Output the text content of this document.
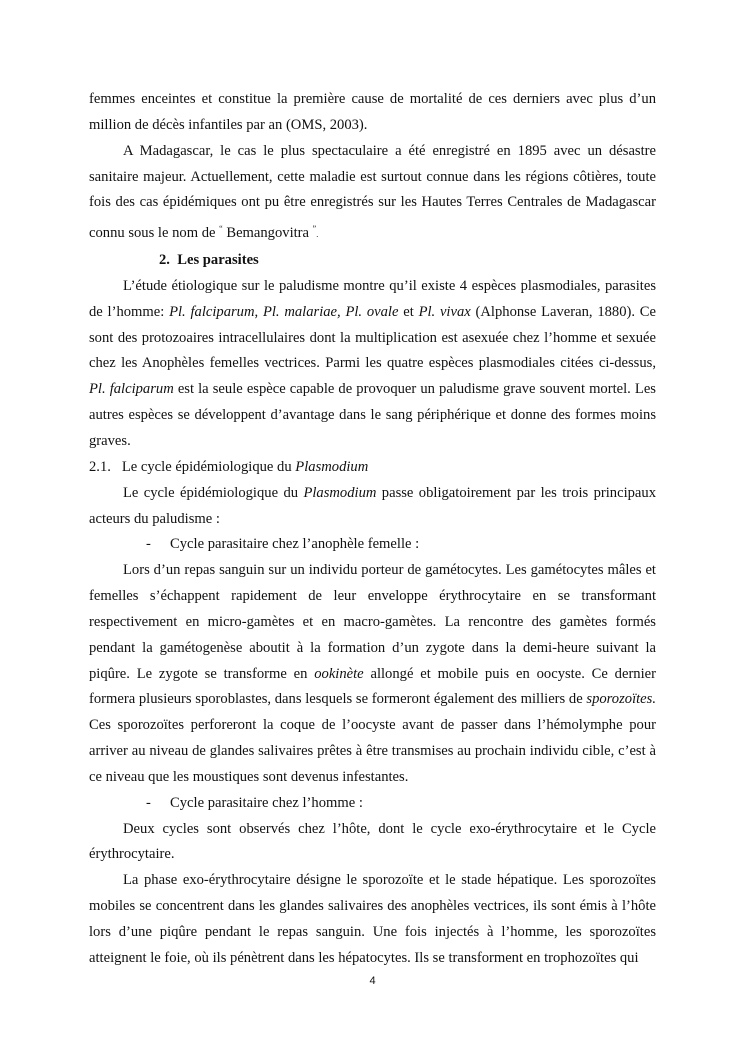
femmes enceintes et constitue la première cause de mortalité de ces derniers avec plus d’un million de décès infantiles par an (OMS, 2003).

A Madagascar, le cas le plus spectaculaire a été enregistré en 1895 avec un désastre sanitaire majeur. Actuellement, cette maladie est surtout connue dans les régions côtières, toute fois des cas épidémiques ont pu être enregistrés sur les Hautes Terres Centrales de Madagascar connu sous le nom de “ Bemangovitra ”.

2. Les parasites

L’étude étiologique sur le paludisme montre qu’il existe 4 espèces plasmodiales, parasites de l’homme: Pl. falciparum, Pl. malariae, Pl. ovale et Pl. vivax (Alphonse Laveran, 1880). Ce sont des protozoaires intracellulaires dont la multiplication est asexuée chez l’homme et sexuée chez les Anophèles femelles vectrices. Parmi les quatre espèces plasmodiales citées ci-dessus, Pl. falciparum est la seule espèce capable de provoquer un paludisme grave souvent mortel. Les autres espèces se développent d’avantage dans le sang périphérique et donne des formes moins graves.

2.1. Le cycle épidémiologique du Plasmodium

Le cycle épidémiologique du Plasmodium passe obligatoirement par les trois principaux acteurs du paludisme :

- Cycle parasitaire chez l’anophèle femelle :

Lors d’un repas sanguin sur un individu porteur de gamétocytes. Les gamétocytes mâles et femelles s’échappent rapidement de leur enveloppe érythrocytaire en se transformant respectivement en micro-gamètes et en macro-gamètes. La rencontre des gamètes formés pendant la gamétogenèse aboutit à la formation d’un zygote dans la demi-heure suivant la piqûre. Le zygote se transforme en ookinète allongé et mobile puis en oocyste. Ce dernier formera plusieurs sporoblastes, dans lesquels se formeront également des milliers de sporozoïtes. Ces sporozoïtes perforeront la coque de l’oocyste avant de passer dans l’hémolymphe pour arriver au niveau de glandes salivaires prêtes à être transmises au prochain individu cible, c’est à ce niveau que les moustiques sont devenus infestantes.

- Cycle parasitaire chez l’homme :

Deux cycles sont observés chez l’hôte, dont le cycle exo-érythrocytaire et le Cycle érythrocytaire.

La phase exo-érythrocytaire désigne le sporozoïte et le stade hépatique. Les sporozoïtes mobiles se concentrent dans les glandes salivaires des anophèles vectrices, ils sont émis à l’hôte lors d’une piqûre pendant le repas sanguin. Une fois injectés à l’homme, les sporozoïtes atteignent le foie, où ils pénètrent dans les hépatocytes. Ils se transforment en trophozoïtes qui

4
